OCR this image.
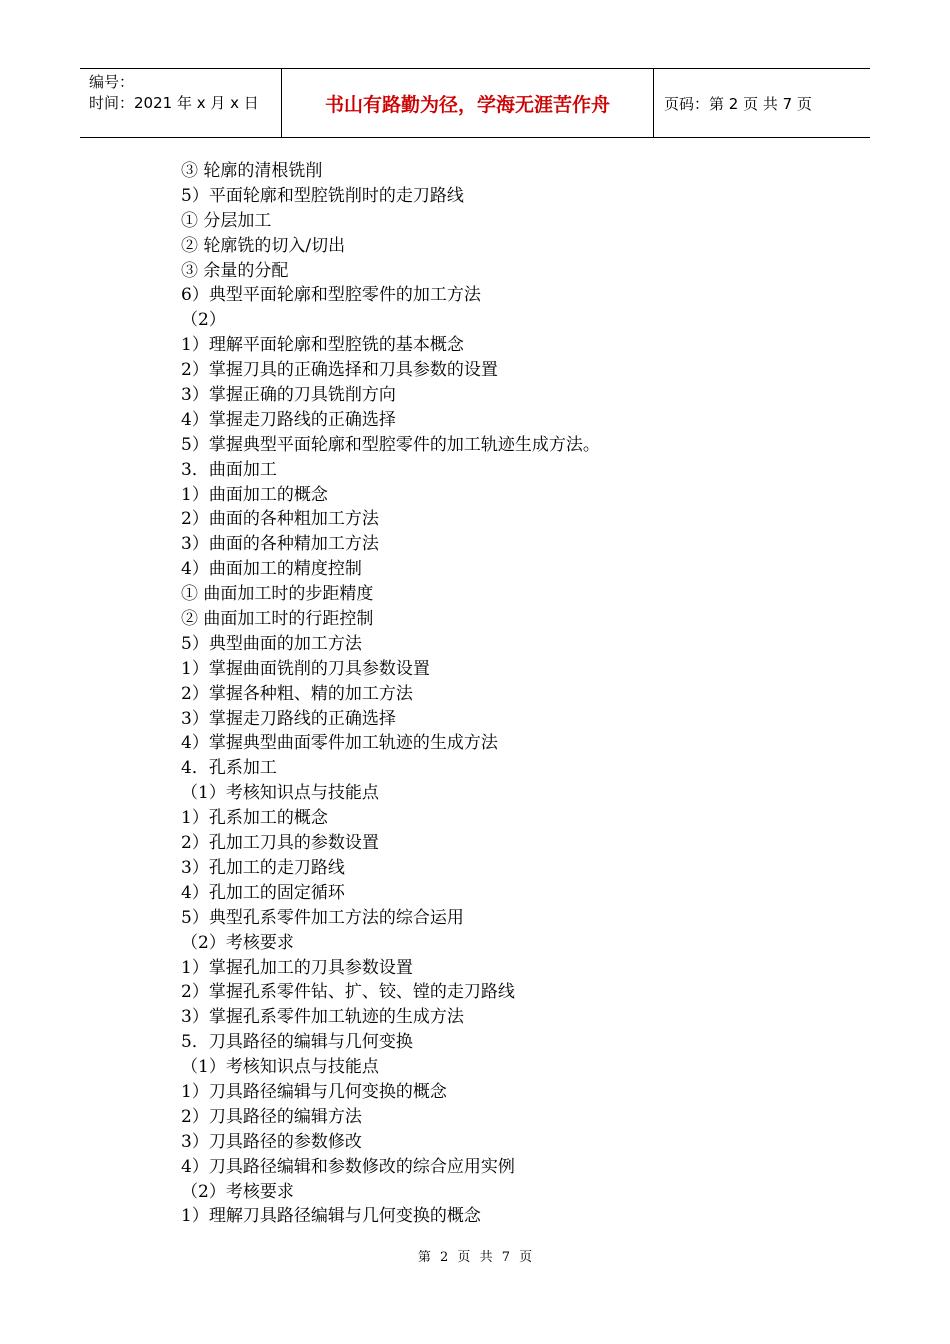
编号：
时间：2021 年 x 月 x 日	书山有路勤为径，学海无涯苦作舟	页码：第 2 页 共 7 页
③ 轮廓的清根铣削
5）平面轮廓和型腔铣削时的走刀路线
① 分层加工
② 轮廓铣的切入/切出
③ 余量的分配
6）典型平面轮廓和型腔零件的加工方法
（2）
1）理解平面轮廓和型腔铣的基本概念
2）掌握刀具的正确选择和刀具参数的设置
3）掌握正确的刀具铣削方向
4）掌握走刀路线的正确选择
5）掌握典型平面轮廓和型腔零件的加工轨迹生成方法。
3．曲面加工
1）曲面加工的概念
2）曲面的各种粗加工方法
3）曲面的各种精加工方法
4）曲面加工的精度控制
① 曲面加工时的步距精度
② 曲面加工时的行距控制
5）典型曲面的加工方法
1）掌握曲面铣削的刀具参数设置
2）掌握各种粗、精的加工方法
3）掌握走刀路线的正确选择
4）掌握典型曲面零件加工轨迹的生成方法
4．孔系加工
（1）考核知识点与技能点
1）孔系加工的概念
2）孔加工刀具的参数设置
3）孔加工的走刀路线
4）孔加工的固定循环
5）典型孔系零件加工方法的综合运用
（2）考核要求
1）掌握孔加工的刀具参数设置
2）掌握孔系零件钻、扩、铰、镗的走刀路线
3）掌握孔系零件加工轨迹的生成方法
5．刀具路径的编辑与几何变换
（1）考核知识点与技能点
1）刀具路径编辑与几何变换的概念
2）刀具路径的编辑方法
3）刀具路径的参数修改
4）刀具路径编辑和参数修改的综合应用实例
（2）考核要求
1）理解刀具路径编辑与几何变换的概念
第 2 页 共 7 页
